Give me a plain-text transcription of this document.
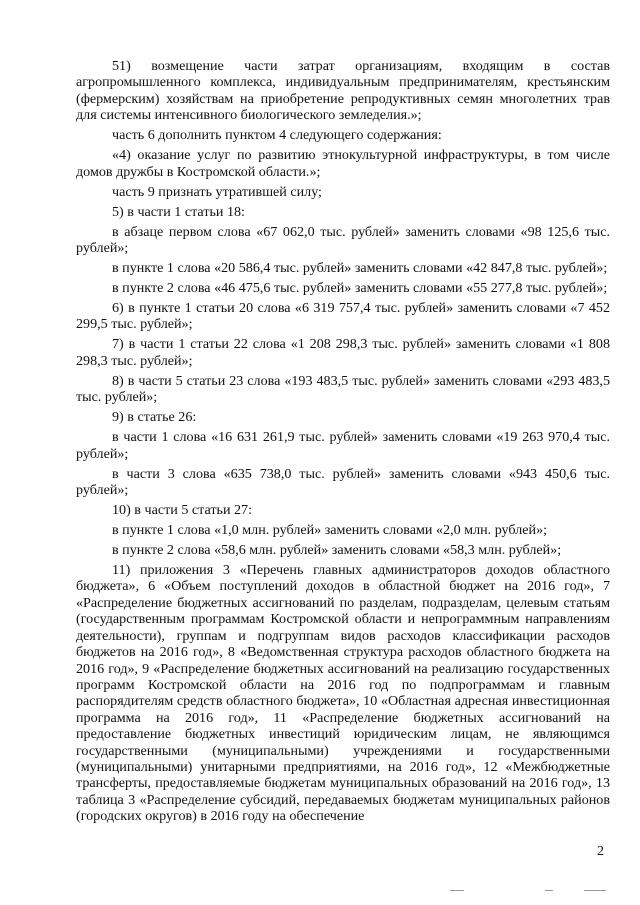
51) возмещение части затрат организациям, входящим в состав агропромышленного комплекса, индивидуальным предпринимателям, крестьянским (фермерским) хозяйствам на приобретение репродуктивных семян многолетних трав для системы интенсивного биологического земледелия.»;

часть 6 дополнить пунктом 4 следующего содержания:

«4) оказание услуг по развитию этнокультурной инфраструктуры, в том числе домов дружбы в Костромской области.»;

часть 9 признать утратившей силу;

5) в части 1 статьи 18:

в абзаце первом слова «67 062,0 тыс. рублей» заменить словами «98 125,6 тыс. рублей»;

в пункте 1 слова «20 586,4 тыс. рублей» заменить словами «42 847,8 тыс. рублей»;

в пункте 2 слова «46 475,6 тыс. рублей» заменить словами «55 277,8 тыс. рублей»;

6) в пункте 1 статьи 20 слова «6 319 757,4 тыс. рублей» заменить словами «7 452 299,5 тыс. рублей»;

7) в части 1 статьи 22 слова «1 208 298,3 тыс. рублей» заменить словами «1 808 298,3 тыс. рублей»;

8) в части 5 статьи 23 слова «193 483,5 тыс. рублей» заменить словами «293 483,5 тыс. рублей»;

9) в статье 26:

в части 1 слова «16 631 261,9 тыс. рублей» заменить словами «19 263 970,4 тыс. рублей»;

в части 3 слова «635 738,0 тыс. рублей» заменить словами «943 450,6 тыс. рублей»;

10) в части 5 статьи 27:

в пункте 1 слова «1,0 млн. рублей» заменить словами «2,0 млн. рублей»;

в пункте 2 слова «58,6 млн. рублей» заменить словами «58,3 млн. рублей»;

11) приложения 3 «Перечень главных администраторов доходов областного бюджета», 6 «Объем поступлений доходов в областной бюджет на 2016 год», 7 «Распределение бюджетных ассигнований по разделам, подразделам, целевым статьям (государственным программам Костромской области и непрограммным направлениям деятельности), группам и подгруппам видов расходов классификации расходов бюджетов на 2016 год», 8 «Ведомственная структура расходов областного бюджета на 2016 год», 9 «Распределение бюджетных ассигнований на реализацию государственных программ Костромской области на 2016 год по подпрограммам и главным распорядителям средств областного бюджета», 10 «Областная адресная инвестиционная программа на 2016 год», 11 «Распределение бюджетных ассигнований на предоставление бюджетных инвестиций юридическим лицам, не являющимся государственными (муниципальными) учреждениями и государственными (муниципальными) унитарными предприятиями, на 2016 год», 12 «Межбюджетные трансферты, предоставляемые бюджетам муниципальных образований на 2016 год», 13 таблица 3 «Распределение субсидий, передаваемых бюджетам муниципальных районов (городских округов) в 2016 году на обеспечение

2
